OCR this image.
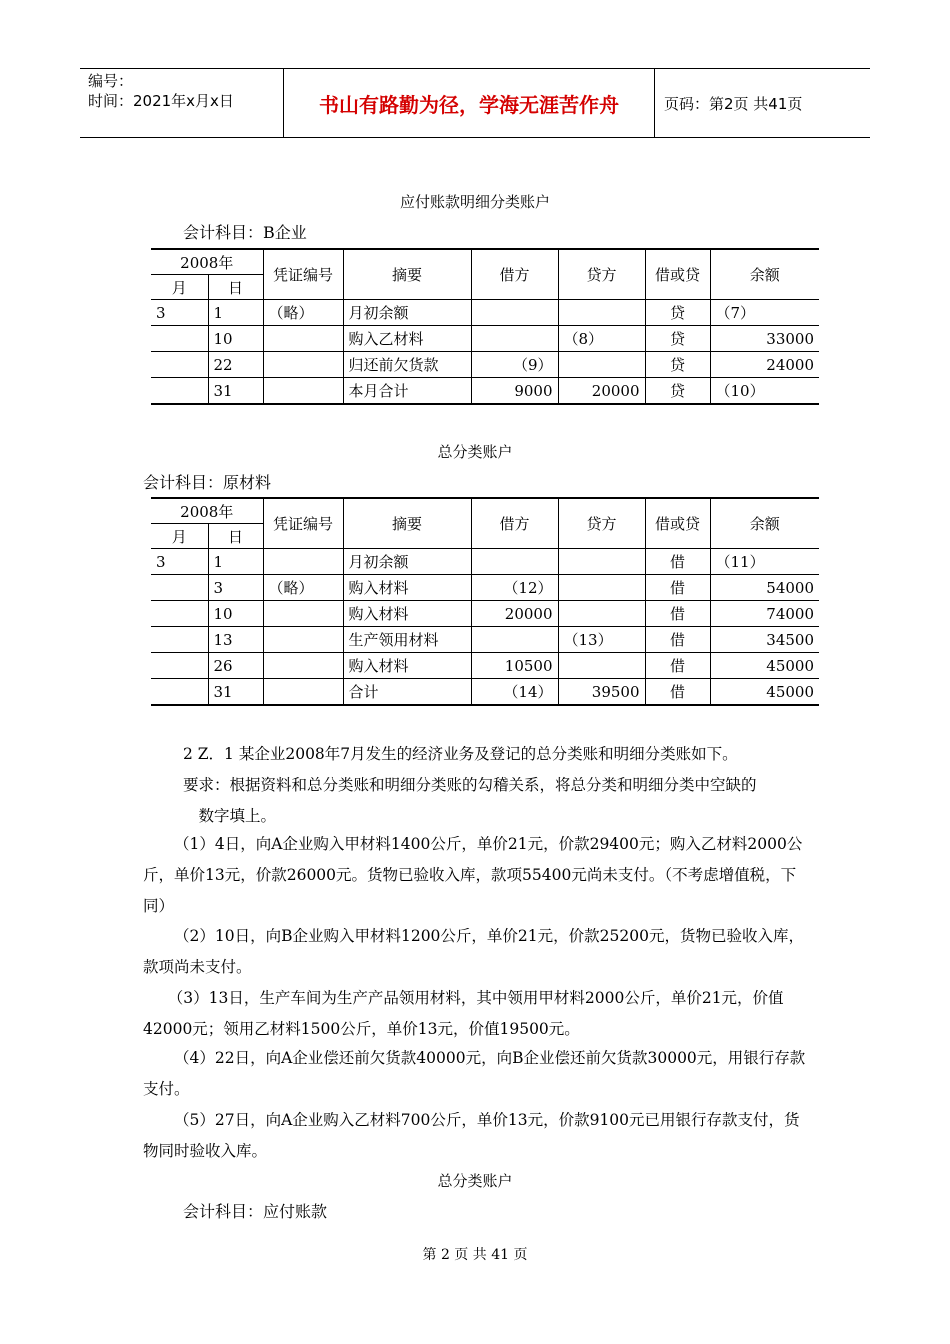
编号：
时间：2021年x月x日	书山有路勤为径，学海无涯苦作舟	页码：第2页 共41页
应付账款明细分类账户
会计科目：B企业
2008年		凭证编号	摘要	借方	贷方	借或贷	余额
月	日						
3	1	（略）	月初余额			贷	（7）
	10		购入乙材料		（8）	贷	33000
	22		归还前欠货款	（9）		贷	24000
	31		本月合计	9000	20000	贷	（10）
总分类账户
会计科目：原材料
2008年		凭证编号	摘要	借方	贷方	借或贷	余额
月	日						
3	1		月初余额			借	（11）
	3	（略）	购入材料	（12）		借	54000
	10		购入材料	20000		借	74000
	13		生产领用材料		（13）	借	34500
	26		购入材料	10500		借	45000
	31		合计	（14）	39500	借	45000

2 Z．1 某企业2008年7月发生的经济业务及登记的总分类账和明细分类账如下。

要求：根据资料和总分类账和明细分类账的勾稽关系，将总分类和明细分类中空缺的

数字填上。

（1）4日，向A企业购入甲材料1400公斤，单价21元，价款29400元；购入乙材料2000公斤，单价13元，价款26000元。货物已验收入库，款项55400元尚未支付。（不考虑增值税，下同）

（2）10日，向B企业购入甲材料1200公斤，单价21元，价款25200元，货物已验收入库，款项尚未支付。

（3）13日，生产车间为生产产品领用材料，其中领用甲材料2000公斤，单价21元，价值42000元；领用乙材料1500公斤，单价13元，价值19500元。

（4）22日，向A企业偿还前欠货款40000元，向B企业偿还前欠货款30000元，用银行存款支付。

（5）27日，向A企业购入乙材料700公斤，单价13元，价款9100元已用银行存款支付，货物同时验收入库。

总分类账户
会计科目：应付账款
第 2 页 共 41 页
